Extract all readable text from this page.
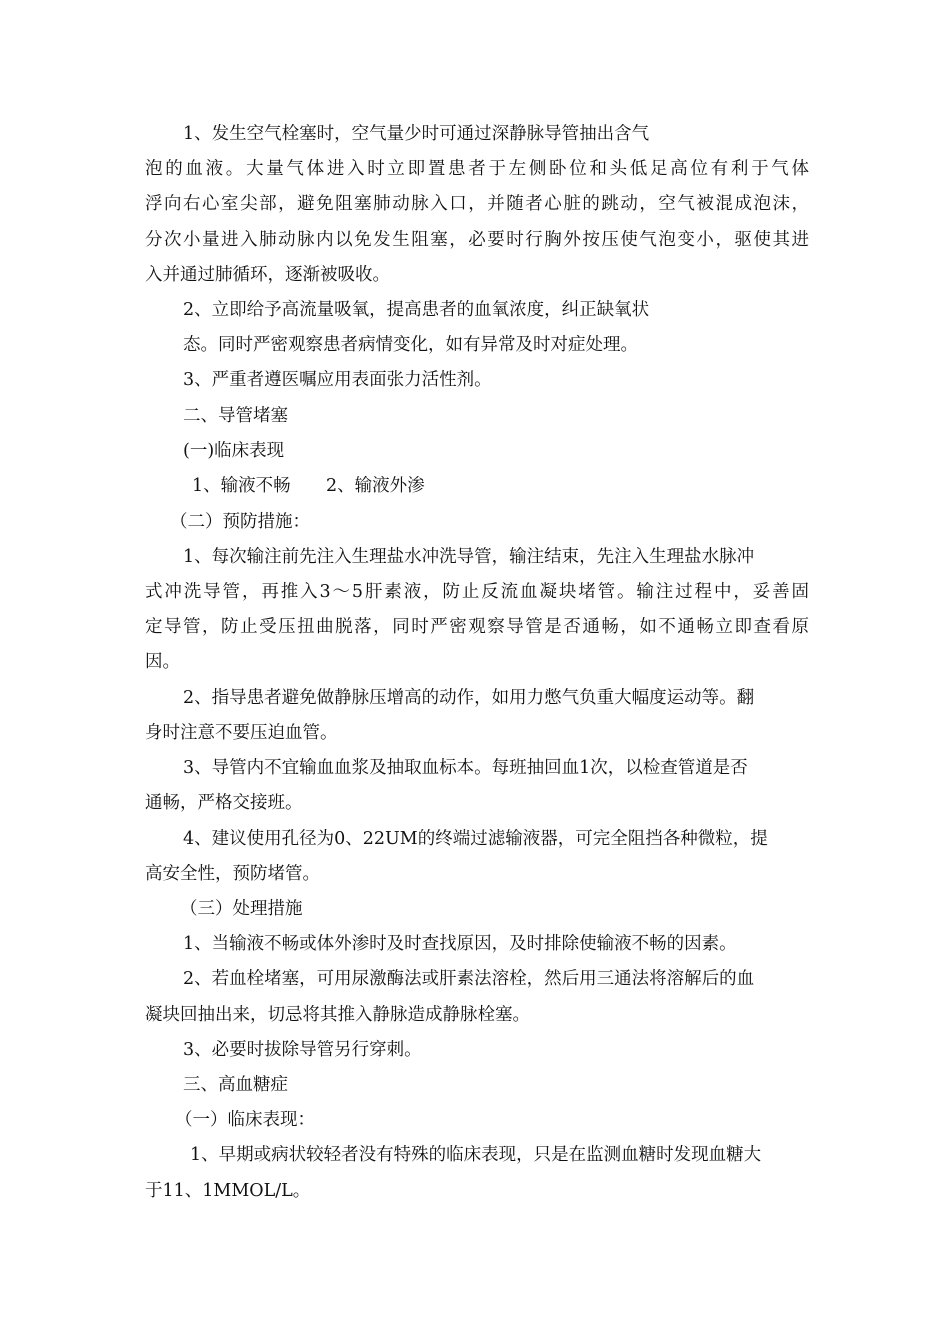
1、发生空气栓塞时，空气量少时可通过深静脉导管抽出含气
泡的血液。大量气体进入时立即置患者于左侧卧位和头低足高位有利于气体
浮向右心室尖部，避免阻塞肺动脉入口，并随者心脏的跳动，空气被混成泡沫，
分次小量进入肺动脉内以免发生阻塞，必要时行胸外按压使气泡变小，驱使其进
入并通过肺循环，逐渐被吸收。
2、立即给予高流量吸氧，提高患者的血氧浓度，纠正缺氧状
态。同时严密观察患者病情变化，如有异常及时对症处理。
3、严重者遵医嘱应用表面张力活性剂。
二、导管堵塞
(一)临床表现
1、输液不畅 2、输液外渗
（二）预防措施：
1、每次输注前先注入生理盐水冲洗导管，输注结束，先注入生理盐水脉冲
式冲洗导管，再推入3～5肝素液，防止反流血凝块堵管。输注过程中，妥善固
定导管，防止受压扭曲脱落，同时严密观察导管是否通畅，如不通畅立即查看原
因。
2、指导患者避免做静脉压增高的动作，如用力憋气负重大幅度运动等。翻
身时注意不要压迫血管。
3、导管内不宜输血血浆及抽取血标本。每班抽回血1次，以检查管道是否
通畅，严格交接班。
4、建议使用孔径为0、22UM的终端过滤输液器，可完全阻挡各种微粒，提
高安全性，预防堵管。
（三）处理措施
1、当输液不畅或体外渗时及时查找原因，及时排除使输液不畅的因素。
2、若血栓堵塞，可用尿激酶法或肝素法溶栓，然后用三通法将溶解后的血
凝块回抽出来，切忌将其推入静脉造成静脉栓塞。
3、必要时拔除导管另行穿刺。
三、高血糖症
（一）临床表现：
1、早期或病状较轻者没有特殊的临床表现，只是在监测血糖时发现血糖大
于11、1MMOL/L。
